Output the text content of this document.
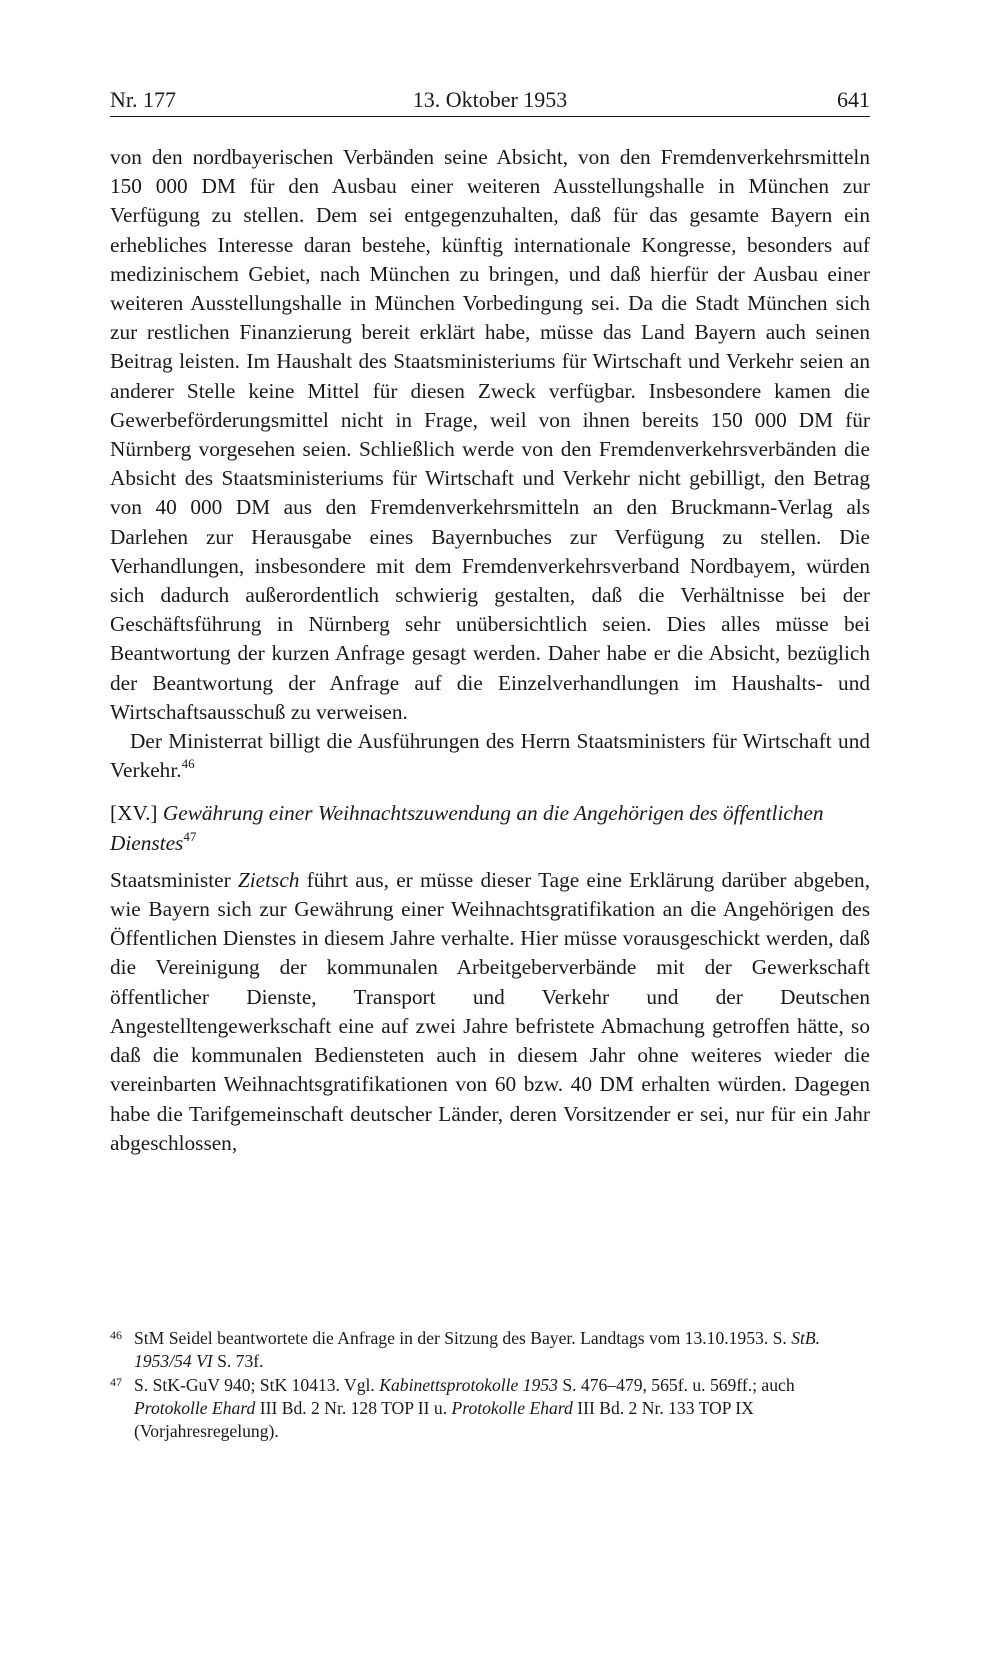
Nr. 177	13. Oktober 1953	641

von den nordbayerischen Verbänden seine Absicht, von den Fremdenverkehrsmitteln 150 000 DM für den Ausbau einer weiteren Ausstellungshalle in München zur Verfügung zu stellen. Dem sei entgegenzuhalten, daß für das gesamte Bayern ein erhebliches Interesse daran bestehe, künftig internationale Kongresse, besonders auf medizinischem Gebiet, nach München zu bringen, und daß hierfür der Ausbau einer weiteren Ausstellungshalle in München Vorbedingung sei. Da die Stadt München sich zur restlichen Finanzierung bereit erklärt habe, müsse das Land Bayern auch seinen Beitrag leisten. Im Haushalt des Staatsministeriums für Wirtschaft und Verkehr seien an anderer Stelle keine Mittel für diesen Zweck verfügbar. Insbesondere kamen die Gewerbeförderungsmittel nicht in Frage, weil von ihnen bereits 150 000 DM für Nürnberg vorgesehen seien. Schließlich werde von den Fremdenverkehrsverbänden die Absicht des Staatsministeriums für Wirtschaft und Verkehr nicht gebilligt, den Betrag von 40 000 DM aus den Fremdenverkehrsmitteln an den Bruckmann-Verlag als Darlehen zur Herausgabe eines Bayernbuches zur Verfügung zu stellen. Die Verhandlungen, insbesondere mit dem Fremdenverkehrsverband Nordbayem, würden sich dadurch außerordentlich schwierig gestalten, daß die Verhältnisse bei der Geschäftsführung in Nürnberg sehr unübersichtlich seien. Dies alles müsse bei Beantwortung der kurzen Anfrage gesagt werden. Daher habe er die Absicht, bezüglich der Beantwortung der Anfrage auf die Einzelverhandlungen im Haushalts- und Wirtschaftsausschuß zu verweisen.

Der Ministerrat billigt die Ausführungen des Herrn Staatsministers für Wirtschaft und Verkehr.$^{46}$

[XV.] Gewährung einer Weihnachtszuwendung an die Angehörigen des öffentlichen Dienstes$^{47}$

Staatsminister Zietsch führt aus, er müsse dieser Tage eine Erklärung darüber abgeben, wie Bayern sich zur Gewährung einer Weihnachtsgratifikation an die Angehörigen des Öffentlichen Dienstes in diesem Jahre verhalte. Hier müsse vorausgeschickt werden, daß die Vereinigung der kommunalen Arbeitgeberverbände mit der Gewerkschaft öffentlicher Dienste, Transport und Verkehr und der Deutschen Angestelltengewerkschaft eine auf zwei Jahre befristete Abmachung getroffen hätte, so daß die kommunalen Bediensteten auch in diesem Jahr ohne weiteres wieder die vereinbarten Weihnachtsgratifikationen von 60 bzw. 40 DM erhalten würden. Dagegen habe die Tarifgemeinschaft deutscher Länder, deren Vorsitzender er sei, nur für ein Jahr abgeschlossen,

46 StM Seidel beantwortete die Anfrage in der Sitzung des Bayer. Landtags vom 13.10.1953. S. StB. 1953/54 VI S. 73f.

47 S. StK-GuV 940; StK 10413. Vgl. Kabinettsprotokolle 1953 S. 476–479, 565f. u. 569ff.; auch Protokolle Ehard III Bd. 2 Nr. 128 TOP II u. Protokolle Ehard III Bd. 2 Nr. 133 TOP IX (Vorjahresregelung).
